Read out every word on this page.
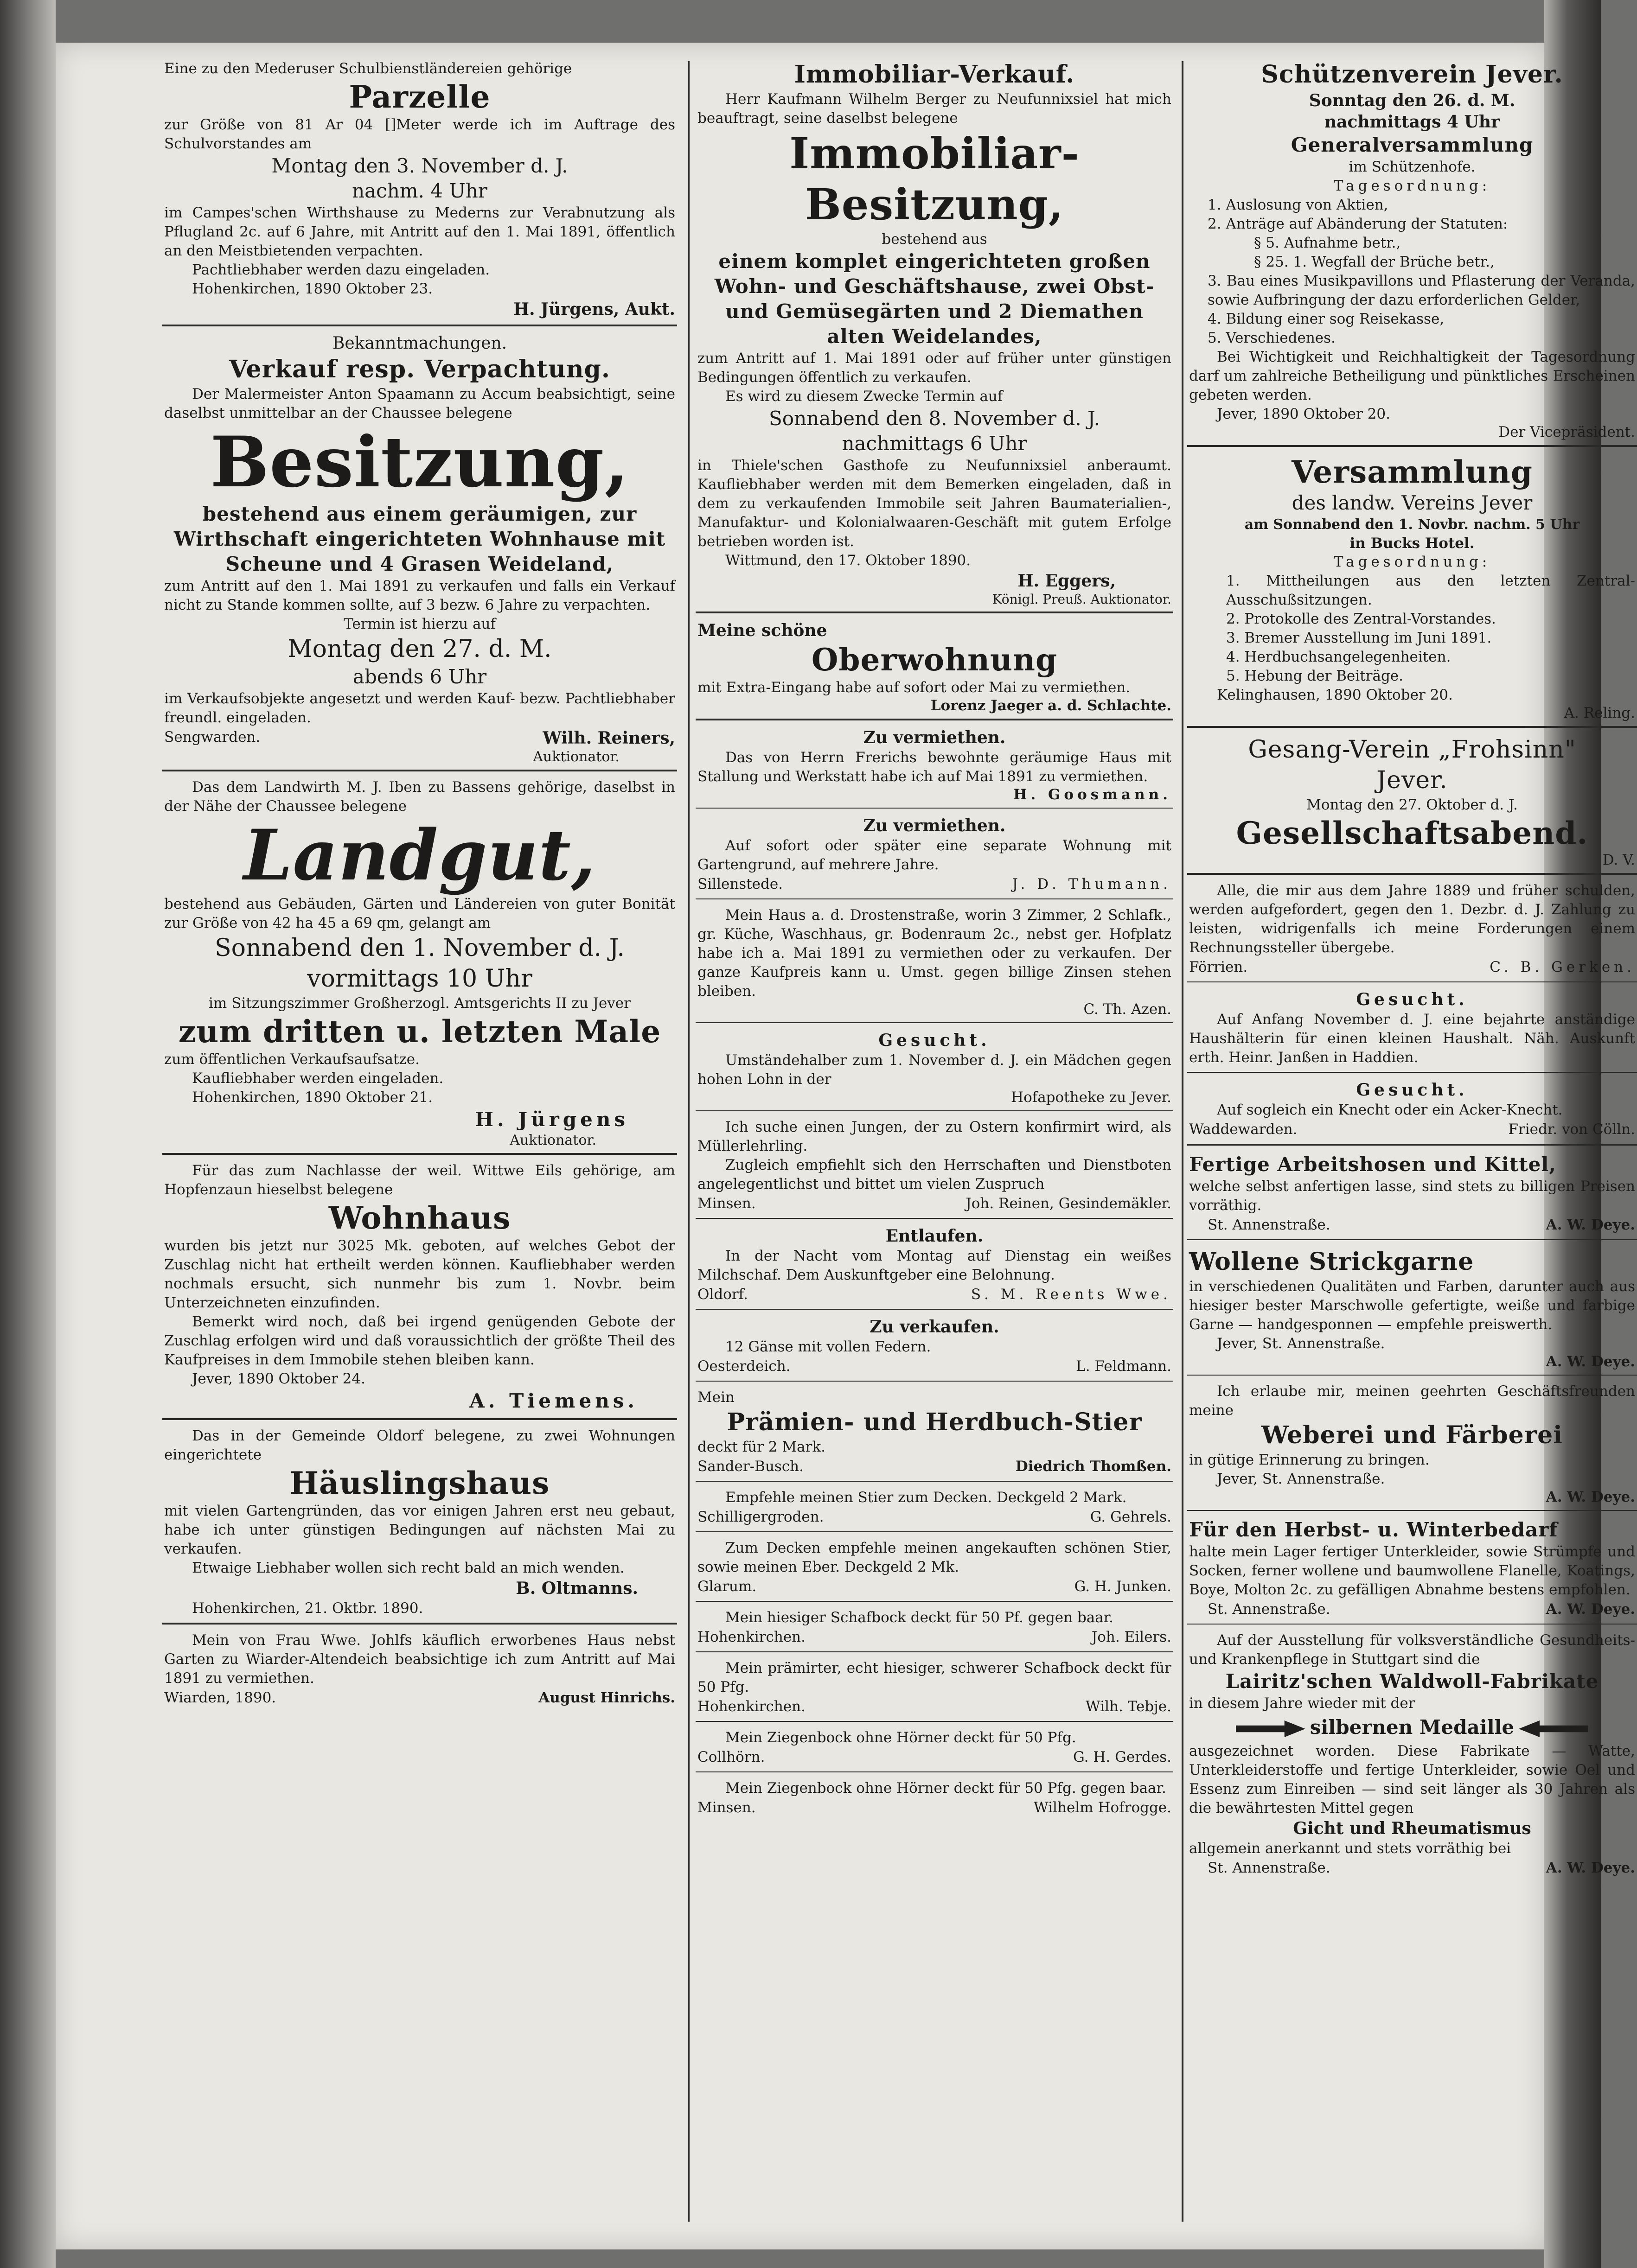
Eine zu den Mederuser Schulbienstländereien gehörige

Parzelle

zur Größe von 81 Ar 04 []Meter werde ich im Auftrage des Schulvorstandes am

Montag den 3. November d. J.
nachm. 4 Uhr

im Campes'schen Wirthshause zu Mederns zur Verabnutzung als Pflugland 2c. auf 6 Jahre, mit Antritt auf den 1. Mai 1891, öffentlich an den Meistbietenden verpachten.

Pachtliebhaber werden dazu eingeladen.

Hohenkirchen, 1890 Oktober 23.

H. Jürgens, Aukt.
Bekanntmachungen.
Verkauf resp. Verpachtung.

Der Malermeister Anton Spaamann zu Accum beabsichtigt, seine daselbst unmittelbar an der Chaussee belegene

Besitzung,
bestehend aus einem geräumigen, zur Wirthschaft eingerichteten Wohnhause mit Scheune und 4 Grasen Weideland,

zum Antritt auf den 1. Mai 1891 zu verkaufen und falls ein Verkauf nicht zu Stande kommen sollte, auf 3 bezw. 6 Jahre zu verpachten.

Termin ist hierzu auf

Montag den 27. d. M.
abends 6 Uhr

im Verkaufsobjekte angesetzt und werden Kauf- bezw. Pachtliebhaber freundl. eingeladen.

Sengwarden.	Wilh. Reiners,
Auktionator.

Das dem Landwirth M. J. Iben zu Bassens gehörige, daselbst in der Nähe der Chaussee belegene

Landgut,

bestehend aus Gebäuden, Gärten und Ländereien von guter Bonität zur Größe von 42 ha 45 a 69 qm, gelangt am

Sonnabend den 1. November d. J.
vormittags 10 Uhr

im Sitzungszimmer Großherzogl. Amtsgerichts II zu Jever

zum dritten u. letzten Male

zum öffentlichen Verkaufsaufsatze.

Kaufliebhaber werden eingeladen.

Hohenkirchen, 1890 Oktober 21.

H. Jürgens
Auktionator.

Für das zum Nachlasse der weil. Wittwe Eils gehörige, am Hopfenzaun hieselbst belegene

Wohnhaus

wurden bis jetzt nur 3025 Mk. geboten, auf welches Gebot der Zuschlag nicht hat ertheilt werden können. Kaufliebhaber werden nochmals ersucht, sich nunmehr bis zum 1. Novbr. beim Unterzeichneten einzufinden.

Bemerkt wird noch, daß bei irgend genügenden Gebote der Zuschlag erfolgen wird und daß voraussichtlich der größte Theil des Kaufpreises in dem Immobile stehen bleiben kann.

Jever, 1890 Oktober 24.

A. Tiemens.

Das in der Gemeinde Oldorf belegene, zu zwei Wohnungen eingerichtete

Häuslingshaus

mit vielen Gartengründen, das vor einigen Jahren erst neu gebaut, habe ich unter günstigen Bedingungen auf nächsten Mai zu verkaufen.

Etwaige Liebhaber wollen sich recht bald an mich wenden.

B. Oltmanns.

Hohenkirchen, 21. Oktbr. 1890.

Mein von Frau Wwe. Johlfs käuflich erworbenes Haus nebst Garten zu Wiarder-Altendeich beabsichtige ich zum Antritt auf Mai 1891 zu vermiethen.

Wiarden, 1890.	August Hinrichs.
Immobiliar-Verkauf.

Herr Kaufmann Wilhelm Berger zu Neufunnixsiel hat mich beauftragt, seine daselbst belegene

Immobiliar-
Besitzung,

bestehend aus

einem komplet eingerichteten großen Wohn- und Geschäftshause, zwei Obst- und Gemüsegärten und 2 Diemathen alten Weidelandes,

zum Antritt auf 1. Mai 1891 oder auf früher unter günstigen Bedingungen öffentlich zu verkaufen.

Es wird zu diesem Zwecke Termin auf

Sonnabend den 8. November d. J.
nachmittags 6 Uhr

in Thiele'schen Gasthofe zu Neufunnixsiel anberaumt. Kaufliebhaber werden mit dem Bemerken eingeladen, daß in dem zu verkaufenden Immobile seit Jahren Baumaterialien-, Manufaktur- und Kolonialwaaren-Geschäft mit gutem Erfolge betrieben worden ist.

Wittmund, den 17. Oktober 1890.

H. Eggers,
Königl. Preuß. Auktionator.
Meine schöne
Oberwohnung

mit Extra-Eingang habe auf sofort oder Mai zu vermiethen.

Lorenz Jaeger a. d. Schlachte.
Zu vermiethen.

Das von Herrn Frerichs bewohnte geräumige Haus mit Stallung und Werkstatt habe ich auf Mai 1891 zu vermiethen.

H. Goosmann.
Zu vermiethen.

Auf sofort oder später eine separate Wohnung mit Gartengrund, auf mehrere Jahre.

Sillenstede.	J. D. Thumann.

Mein Haus a. d. Drostenstraße, worin 3 Zimmer, 2 Schlafk., gr. Küche, Waschhaus, gr. Bodenraum 2c., nebst ger. Hofplatz habe ich a. Mai 1891 zu vermiethen oder zu verkaufen. Der ganze Kaufpreis kann u. Umst. gegen billige Zinsen stehen bleiben.

C. Th. Azen.
Gesucht.

Umständehalber zum 1. November d. J. ein Mädchen gegen hohen Lohn in der

Hofapotheke zu Jever.

Ich suche einen Jungen, der zu Ostern konfirmirt wird, als Müllerlehrling.

Zugleich empfiehlt sich den Herrschaften und Dienstboten angelegentlichst und bittet um vielen Zuspruch

Minsen.	Joh. Reinen, Gesindemäkler.
Entlaufen.

In der Nacht vom Montag auf Dienstag ein weißes Milchschaf. Dem Auskunftgeber eine Belohnung.

Oldorf.	S. M. Reents Wwe.
Zu verkaufen.

12 Gänse mit vollen Federn.

Oesterdeich.	L. Feldmann.

Mein

Prämien- und Herdbuch-Stier

deckt für 2 Mark.

Sander-Busch.	Diedrich Thomßen.

Empfehle meinen Stier zum Decken. Deckgeld 2 Mark.

Schilligergroden.	G. Gehrels.

Zum Decken empfehle meinen angekauften schönen Stier, sowie meinen Eber. Deckgeld 2 Mk.

Glarum.	G. H. Junken.

Mein hiesiger Schafbock deckt für 50 Pf. gegen baar.

Hohenkirchen.	Joh. Eilers.

Mein prämirter, echt hiesiger, schwerer Schafbock deckt für 50 Pfg.

Hohenkirchen.	Wilh. Tebje.

Mein Ziegenbock ohne Hörner deckt für 50 Pfg.

Collhörn.	G. H. Gerdes.

Mein Ziegenbock ohne Hörner deckt für 50 Pfg. gegen baar.

Minsen.	Wilhelm Hofrogge.
Schützenverein Jever.
Sonntag den 26. d. M.
nachmittags 4 Uhr
Generalversammlung

im Schützenhofe.

Tagesordnung:

1. Auslosung von Aktien,

2. Anträge auf Abänderung der Statuten:

§ 5. Aufnahme betr.,

§ 25. 1. Wegfall der Brüche betr.,

3. Bau eines Musikpavillons und Pflasterung der Veranda, sowie Aufbringung der dazu erforderlichen Gelder,

4. Bildung einer sog Reisekasse,

5. Verschiedenes.

Bei Wichtigkeit und Reichhaltigkeit der Tagesordnung darf um zahlreiche Betheiligung und pünktliches Erscheinen gebeten werden.

Jever, 1890 Oktober 20.

Der Vicepräsident.
Versammlung
des landw. Vereins Jever
am Sonnabend den 1. Novbr. nachm. 5 Uhr
in Bucks Hotel.

Tagesordnung:

1. Mittheilungen aus den letzten Zentral-Ausschußsitzungen.

2. Protokolle des Zentral-Vorstandes.

3. Bremer Ausstellung im Juni 1891.

4. Herdbuchsangelegenheiten.

5. Hebung der Beiträge.

Kelinghausen, 1890 Oktober 20.

A. Reling.
Gesang-Verein „Frohsinn"
Jever.

Montag den 27. Oktober d. J.

Gesellschaftsabend.
D. V.

Alle, die mir aus dem Jahre 1889 und früher schulden, werden aufgefordert, gegen den 1. Dezbr. d. J. Zahlung zu leisten, widrigenfalls ich meine Forderungen einem Rechnungssteller übergebe.

Förrien.	C. B. Gerken.
Gesucht.

Auf Anfang November d. J. eine bejahrte anständige Haushälterin für einen kleinen Haushalt. Näh. Auskunft erth. Heinr. Janßen in Haddien.

Gesucht.

Auf sogleich ein Knecht oder ein Acker-Knecht.

Waddewarden.	Friedr. von Cölln.
Fertige Arbeitshosen und Kittel,

welche selbst anfertigen lasse, sind stets zu billigen Preisen vorräthig.

St. Annenstraße.	A. W. Deye.
Wollene Strickgarne

in verschiedenen Qualitäten und Farben, darunter auch aus hiesiger bester Marschwolle gefertigte, weiße und farbige Garne — handgesponnen — empfehle preiswerth.

Jever, St. Annenstraße.

A. W. Deye.

Ich erlaube mir, meinen geehrten Geschäftsfreunden meine

Weberei und Färberei

in gütige Erinnerung zu bringen.

Jever, St. Annenstraße.

A. W. Deye.
Für den Herbst- u. Winterbedarf

halte mein Lager fertiger Unterkleider, sowie Strümpfe und Socken, ferner wollene und baumwollene Flanelle, Koatings, Boye, Molton 2c. zu gefälligen Abnahme bestens empfohlen.

St. Annenstraße.	A. W. Deye.

Auf der Ausstellung für volksverständliche Gesundheits- und Krankenpflege in Stuttgart sind die

Lairitz'schen Waldwoll-Fabrikate

in diesem Jahre wieder mit der

silbernen Medaille

ausgezeichnet worden. Diese Fabrikate — Watte, Unterkleiderstoffe und fertige Unterkleider, sowie Oel und Essenz zum Einreiben — sind seit länger als 30 Jahren als die bewährtesten Mittel gegen

Gicht und Rheumatismus

allgemein anerkannt und stets vorräthig bei

St. Annenstraße.	A. W. Deye.
